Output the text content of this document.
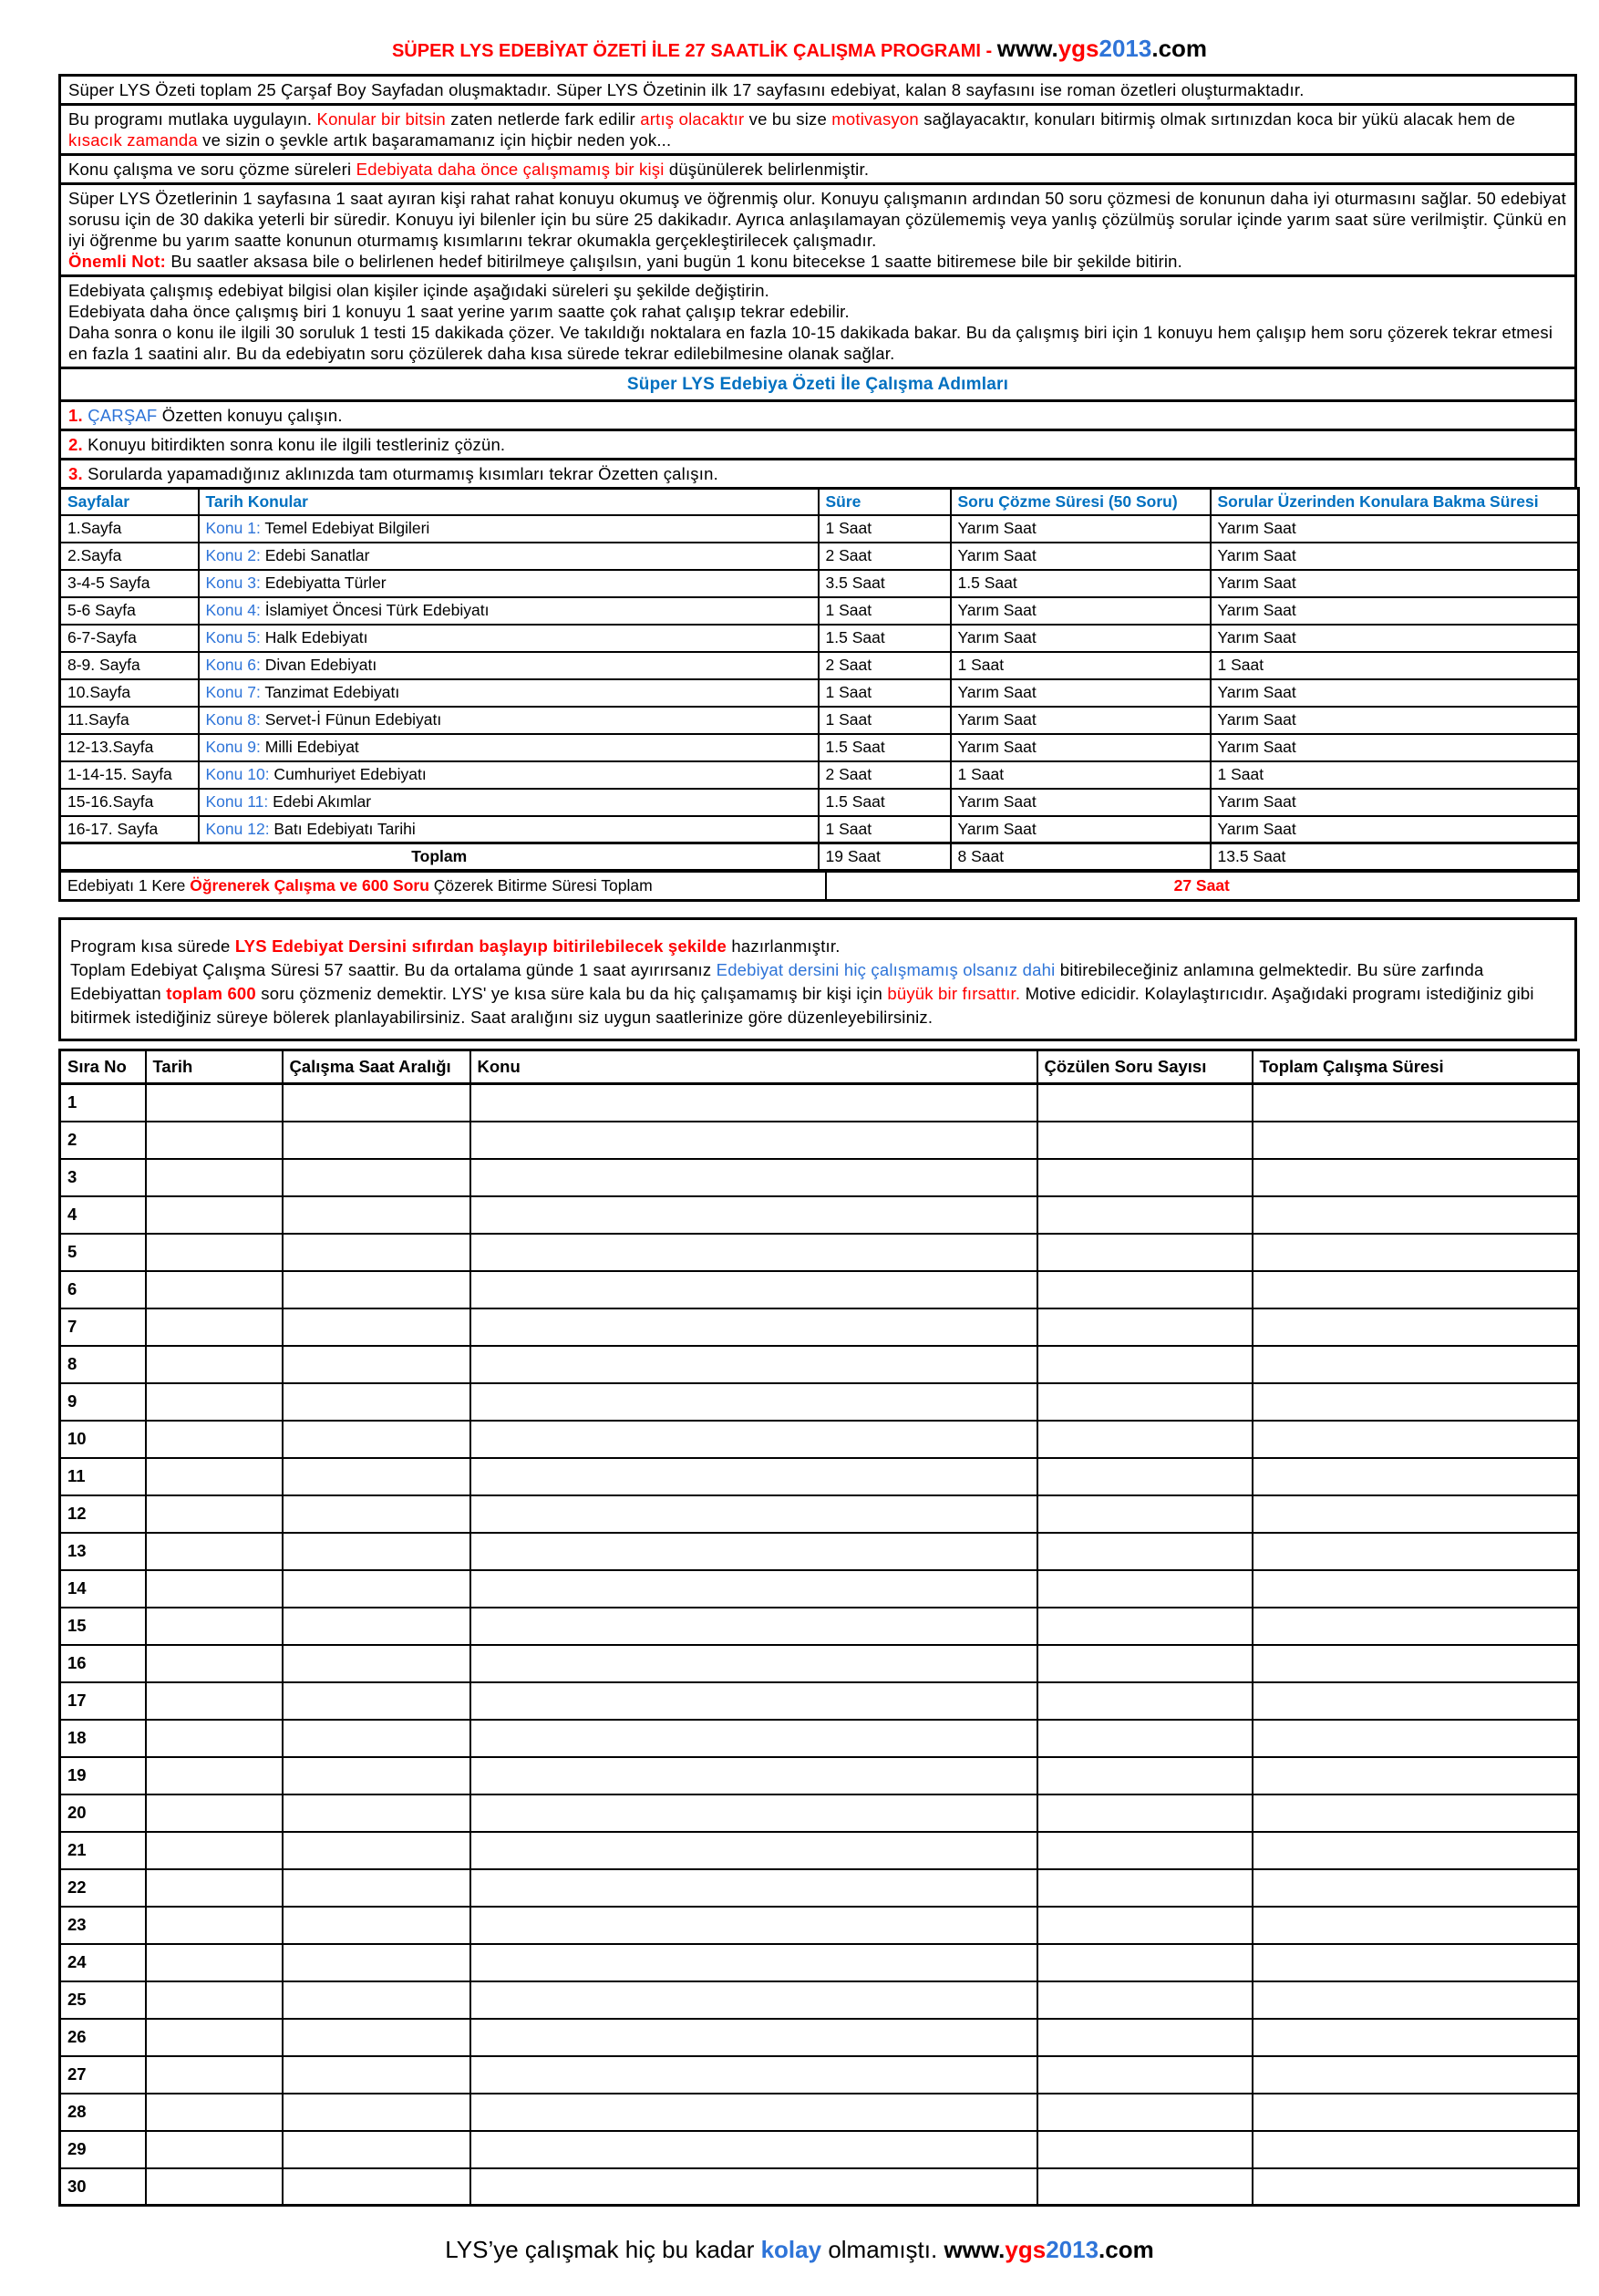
SÜPER LYS EDEBİYAT ÖZETİ İLE 27 SAATLİK ÇALIŞMA PROGRAMI - www.ygs2013.com
Süper LYS Özeti toplam 25 Çarşaf Boy Sayfadan oluşmaktadır. Süper LYS Özetinin ilk 17 sayfasını edebiyat, kalan 8 sayfasını ise roman özetleri oluşturmaktadır.
Bu programı mutlaka uygulayın. Konular bir bitsin zaten netlerde fark edilir artış olacaktır ve bu size motivasyon sağlayacaktır, konuları bitirmiş olmak sırtınızdan koca bir yükü alacak hem de kısacık zamanda ve sizin o şevkle artık başaramamanız için hiçbir neden yok...
Konu çalışma ve soru çözme süreleri Edebiyata daha önce çalışmamış bir kişi düşünülerek belirlenmiştir.

Süper LYS Özetlerinin 1 sayfasına 1 saat ayıran kişi rahat rahat konuyu okumuş ve öğrenmiş olur. Konuyu çalışmanın ardından 50 soru çözmesi de konunun daha iyi oturmasını sağlar. 50 edebiyat sorusu için de 30 dakika yeterli bir süredir. Konuyu iyi bilenler için bu süre 25 dakikadır. Ayrıca anlaşılamayan çözülememiş veya yanlış çözülmüş sorular içinde yarım saat süre verilmiştir. Çünkü en iyi öğrenme bu yarım saatte konunun oturmamış kısımlarını tekrar okumakla gerçekleştirilecek çalışmadır.

Önemli Not: Bu saatler aksasa bile o belirlenen hedef bitirilmeye çalışılsın, yani bugün 1 konu bitecekse 1 saatte bitiremese bile bir şekilde bitirin.

Edebiyata çalışmış edebiyat bilgisi olan kişiler içinde aşağıdaki süreleri şu şekilde değiştirin.

Edebiyata daha önce çalışmış biri 1 konuyu 1 saat yerine yarım saatte çok rahat çalışıp tekrar edebilir.

Daha sonra o konu ile ilgili 30 soruluk 1 testi 15 dakikada çözer. Ve takıldığı noktalara en fazla 10-15 dakikada bakar. Bu da çalışmış biri için 1 konuyu hem çalışıp hem soru çözerek tekrar etmesi en fazla 1 saatini alır. Bu da edebiyatın soru çözülerek daha kısa sürede tekrar edilebilmesine olanak sağlar.

Süper LYS Edebiya Özeti İle Çalışma Adımları
1. ÇARŞAF Özetten konuyu çalışın.
2. Konuyu bitirdikten sonra konu ile ilgili testleriniz çözün.
3. Sorularda yapamadığınız aklınızda tam oturmamış kısımları tekrar Özetten çalışın.
Sayfalar	Tarih Konular	Süre	Soru Çözme Süresi (50 Soru)	Sorular Üzerinden Konulara Bakma Süresi
1.Sayfa	Konu 1: Temel Edebiyat Bilgileri	1 Saat	Yarım Saat	Yarım Saat
2.Sayfa	Konu 2: Edebi Sanatlar	2 Saat	Yarım Saat	Yarım Saat
3-4-5 Sayfa	Konu 3: Edebiyatta Türler	3.5 Saat	1.5 Saat	Yarım Saat
5-6 Sayfa	Konu 4: İslamiyet Öncesi Türk Edebiyatı	1 Saat	Yarım Saat	Yarım Saat
6-7-Sayfa	Konu 5: Halk Edebiyatı	1.5 Saat	Yarım Saat	Yarım Saat
8-9. Sayfa	Konu 6: Divan Edebiyatı	2 Saat	1 Saat	1 Saat
10.Sayfa	Konu 7: Tanzimat Edebiyatı	1 Saat	Yarım Saat	Yarım Saat
11.Sayfa	Konu 8: Servet-İ Fünun Edebiyatı	1 Saat	Yarım Saat	Yarım Saat
12-13.Sayfa	Konu 9: Milli Edebiyat	1.5 Saat	Yarım Saat	Yarım Saat
1-14-15. Sayfa	Konu 10: Cumhuriyet Edebiyatı	2 Saat	1 Saat	1 Saat
15-16.Sayfa	Konu 11: Edebi Akımlar	1.5 Saat	Yarım Saat	Yarım Saat
16-17. Sayfa	Konu 12: Batı Edebiyatı Tarihi	1 Saat	Yarım Saat	Yarım Saat
Toplam		19 Saat	8 Saat	13.5 Saat
Edebiyatı 1 Kere Öğrenerek Çalışma ve 600 Soru Çözerek Bitirme Süresi Toplam	27 Saat

Program kısa sürede LYS Edebiyat Dersini sıfırdan başlayıp bitirilebilecek şekilde hazırlanmıştır.

Toplam Edebiyat Çalışma Süresi 57 saattir. Bu da ortalama günde 1 saat ayırırsanız Edebiyat dersini hiç çalışmamış olsanız dahi bitirebileceğiniz anlamına gelmektedir. Bu süre zarfında Edebiyattan toplam 600 soru çözmeniz demektir. LYS' ye kısa süre kala bu da hiç çalışamamış bir kişi için büyük bir fırsattır. Motive edicidir. Kolaylaştırıcıdır. Aşağıdaki programı istediğiniz gibi bitirmek istediğiniz süreye bölerek planlayabilirsiniz. Saat aralığını siz uygun saatlerinize göre düzenleyebilirsiniz.

Sıra No	Tarih	Çalışma Saat Aralığı	Konu	Çözülen Soru Sayısı	Toplam Çalışma Süresi
1					
2					
3					
4					
5					
6					
7					
8					
9					
10					
11					
12					
13					
14					
15					
16					
17					
18					
19					
20					
21					
22					
23					
24					
25					
26					
27					
28					
29					
30					
LYS’ye çalışmak hiç bu kadar kolay olmamıştı. www.ygs2013.com
